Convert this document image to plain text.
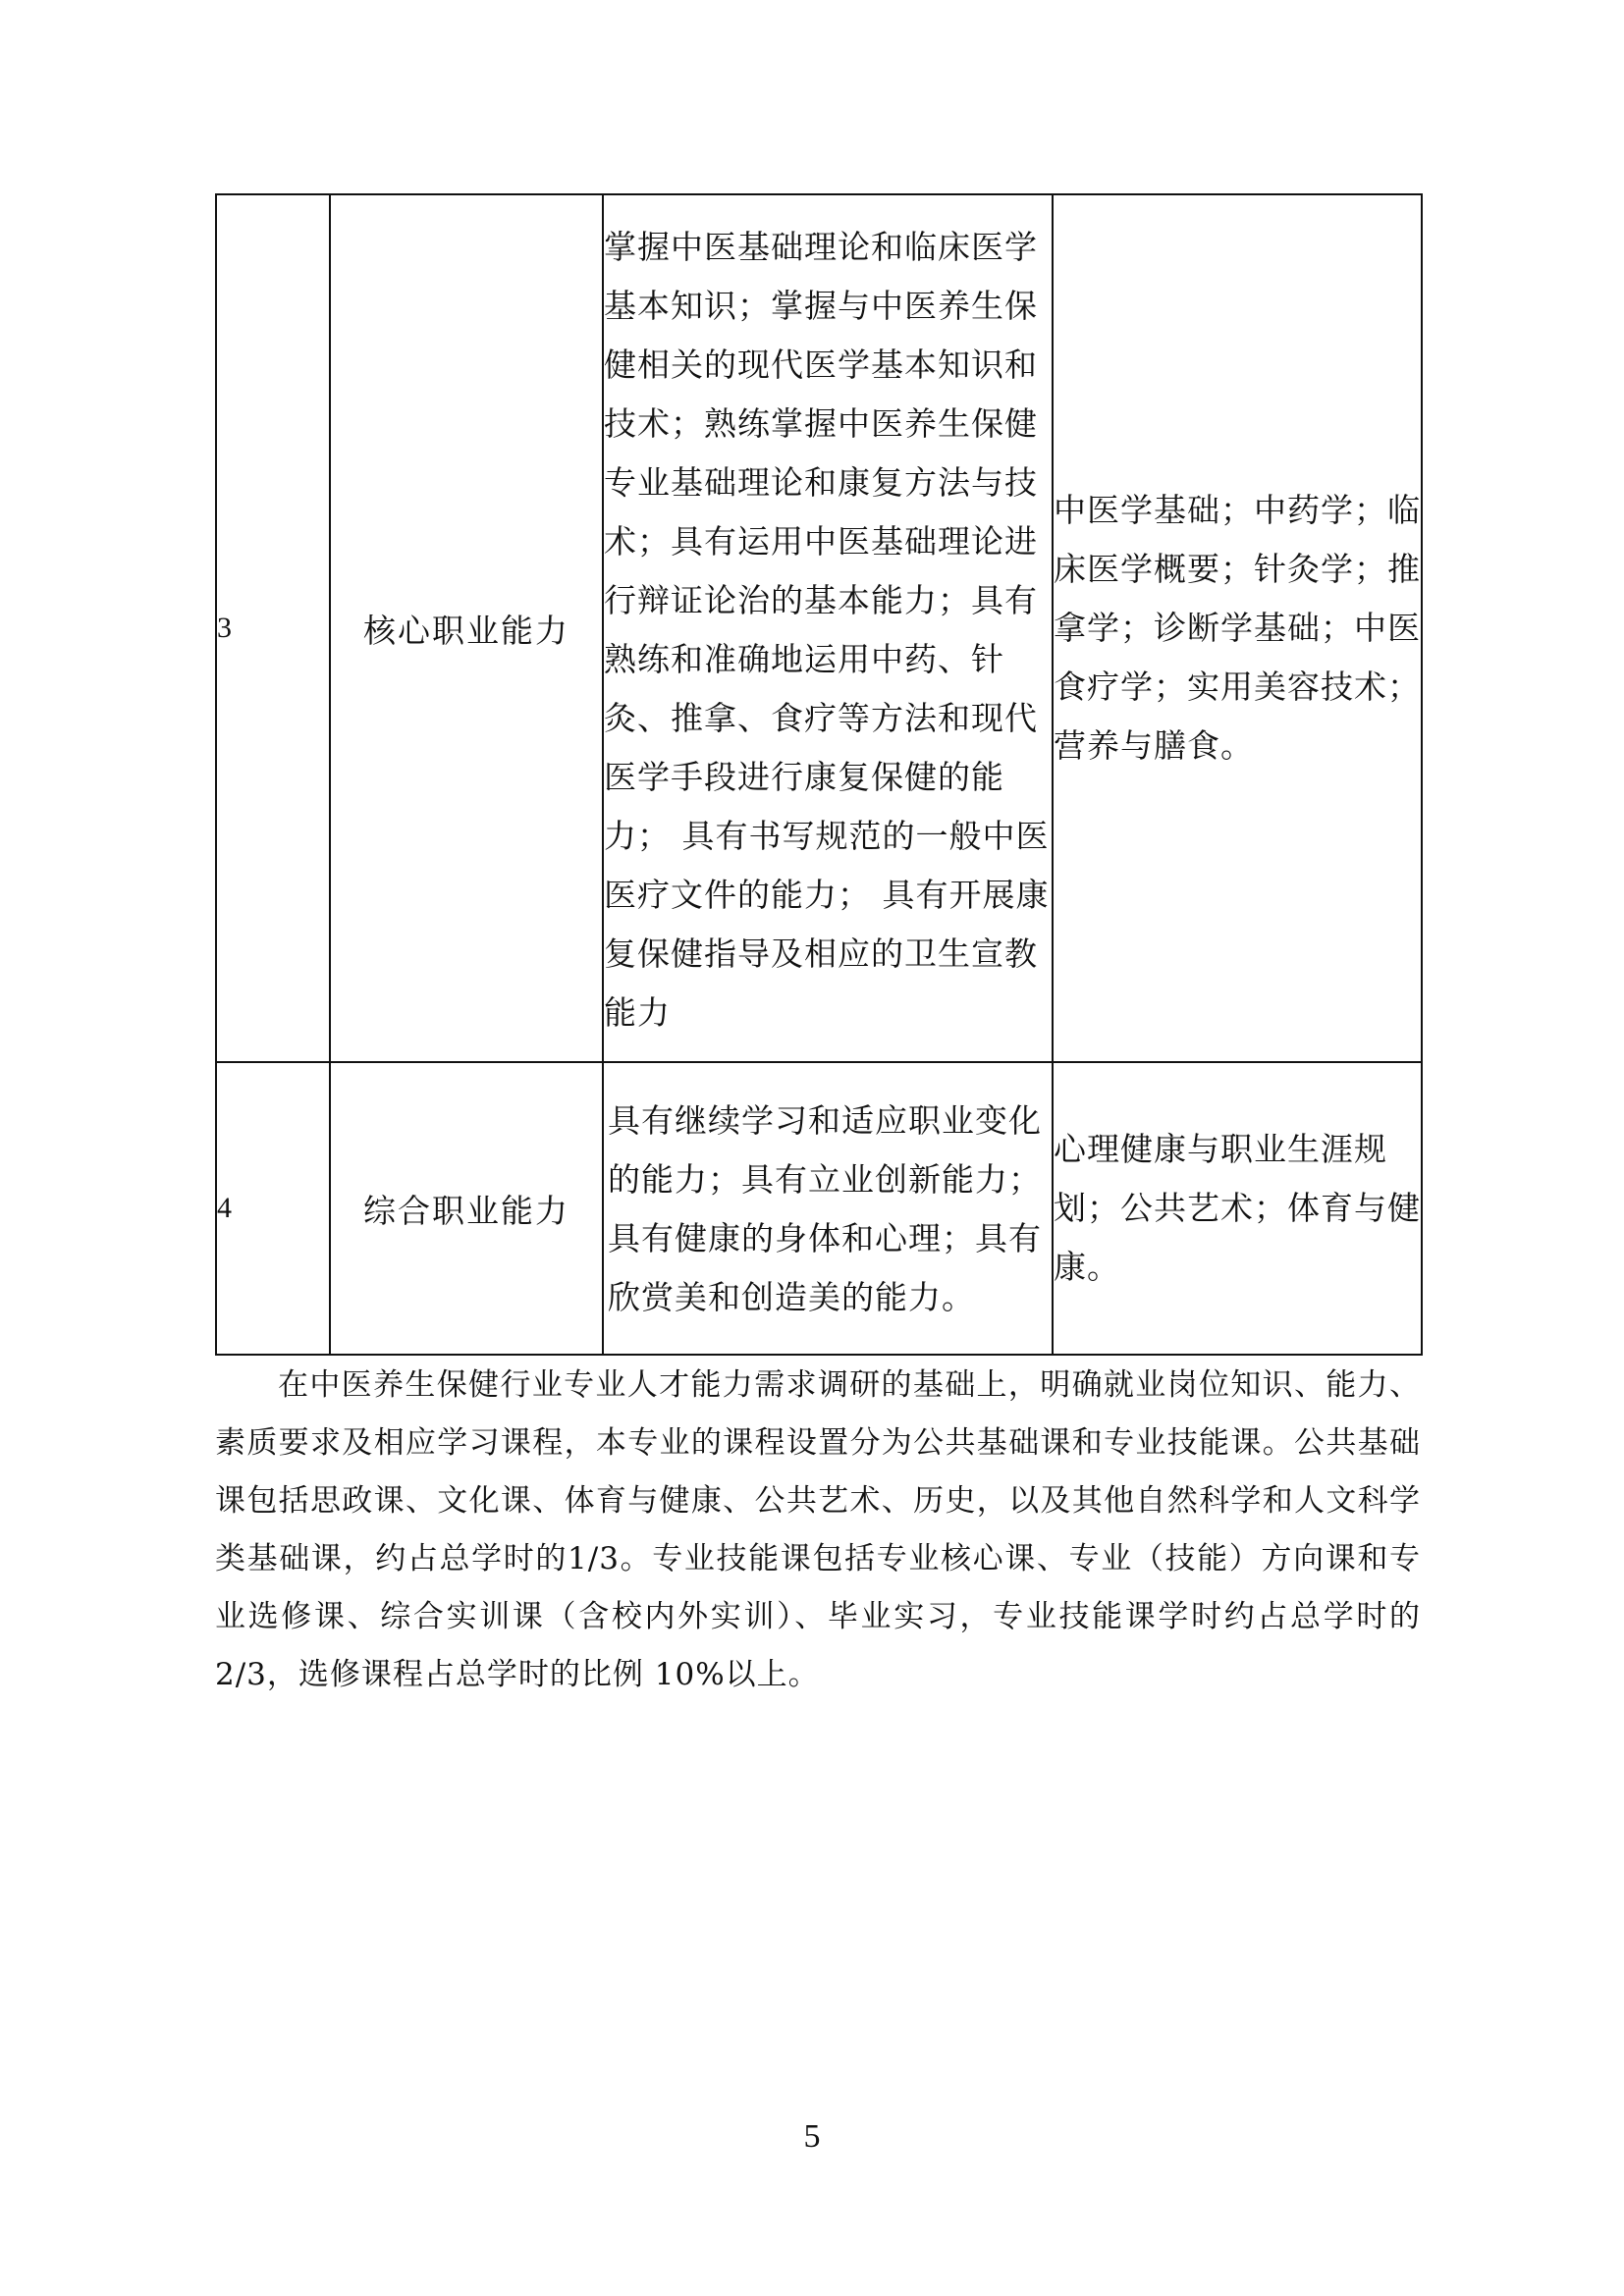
3	核心职业能力	掌握中医基础理论和临床医学基本知识；掌握与中医养生保健相关的现代医学基本知识和技术；熟练掌握中医养生保健专业基础理论和康复方法与技术；具有运用中医基础理论进行辩证论治的基本能力；具有熟练和准确地运用中药、针灸、推拿、食疗等方法和现代医学手段进行康复保健的能力； 具有书写规范的一般中医医疗文件的能力； 具有开展康复保健指导及相应的卫生宣教能力	中医学基础；中药学；临床医学概要；针灸学；推拿学；诊断学基础；中医食疗学；实用美容技术；营养与膳食。
4	综合职业能力	具有继续学习和适应职业变化的能力；具有立业创新能力；具有健康的身体和心理；具有欣赏美和创造美的能力。	心理健康与职业生涯规划；公共艺术；体育与健康。

在中医养生保健行业专业人才能力需求调研的基础上，明确就业岗位知识、能力、素质要求及相应学习课程，本专业的课程设置分为公共基础课和专业技能课。公共基础课包括思政课、文化课、体育与健康、公共艺术、历史，以及其他自然科学和人文科学类基础课，约占总学时的1/3。专业技能课包括专业核心课、专业（技能）方向课和专业选修课、综合实训课（含校内外实训）、毕业实习，专业技能课学时约占总学时的 2/3，选修课程占总学时的比例 10%以上。

5
